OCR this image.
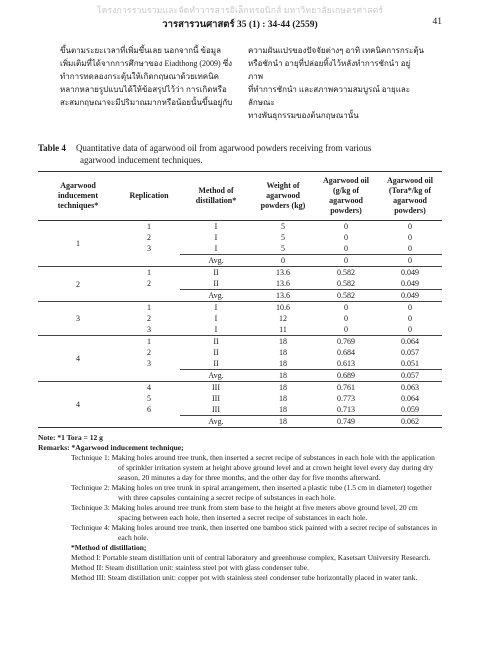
โครงการรวบรวมและจัดทำวารสารอิเล็กทรอนิกส์ มหาวิทยาลัยเกษตรศาสตร์
วารสารวนศาสตร์ 35 (1) : 34-44 (2559)	41
ขึ้นตามระยะเวลาที่เพิ่มขึ้นเลย นอกจากนี้ ข้อมูล
เพิ่มเติมที่ได้จากการศึกษาของ Eiadthong (2009) ซึ่ง
ทำการทดลองกระตุ้นให้เกิดกฤษณาด้วยเทคนิค
หลากหลายรูปแบบได้ให้ข้อสรุปไว้ว่า การเกิดหรือ
สะสมกฤษณาจะมีปริมาณมากหรือน้อยนั้นขึ้นอยู่กับ
ความผันแปรของปัจจัยต่างๆ อาทิ เทคนิคการกระตุ้น
หรือชักนำ อายุที่ปล่อยทิ้งไว้หลังทำการชักนำ อยู่ภาพ
ที่ทำการชักนำ และสภาพความสมบูรณ์ อายุและลักษณะ
ทางพันธุกรรมของต้นกฤษณานั้น
Table 4 Quantitative data of agarwood oil from agarwood powders receiving from various
agarwood inducement techniques.
Agarwood
inducement
techniques*	Replication	Method of
distillation*	Weight of
agarwood
powders (kg)	Agarwood oil
(g/kg of
agarwood
powders)	Agarwood oil
(Tora*/kg of
agarwood
powders)
1	1	I	5	0	0
	2	I	5	0	0
	3	I	5	0	0
		Avg.	0	0	0
2	1	II	13.6	0.582	0.049
	2	II	13.6	0.582	0.049
		Avg.	13.6	0.582	0.049
3	1	I	10.6	0	0
	2	I	12	0	0
	3	I	11	0	0
4	1	II	18	0.769	0.064
	2	II	18	0.684	0.057
	3	II	18	0.613	0.051
		Avg.	18	0.689	0.057
4	4	III	18	0.761	0.063
	5	III	18	0.773	0.064
	6	III	18	0.713	0.059
		Avg.	18	0.749	0.062

Note: *1 Tora = 12 g

Remarks: *Agarwood inducement technique;

Technique 1: Making holes around tree trunk, then inserted a secret recipe of substances in each hole with the application of sprinkler irritation system at height above ground level and at crown height level every day during dry season, 20 minutes a day for three months, and the other day for five months afterward.

Technique 2: Making holes on tree trunk in spiral arrangement, then inserted a plastic tube (1.5 cm in diameter) together with three capsules containing a secret recipe of substances in each hole.

Technique 3: Making holes around tree trunk from stem base to the height at five meters above ground level, 20 cm spacing between each hole, then inserted a secret recipe of substances in each hole.

Technique 4: Making holes around tree trunk, then inserted one bamboo stick painted with a secret recipe of substances in each hole.

*Method of distillation;

Method I: Portable steam distillation unit of central laboratory and greenhouse complex, Kasetsart University Research.

Method II: Steam distillation unit: stainless steel pot with glass condenser tube.

Method III: Steam distillation unit: copper pot with stainless steel condenser tube horizontally placed in water tank.
